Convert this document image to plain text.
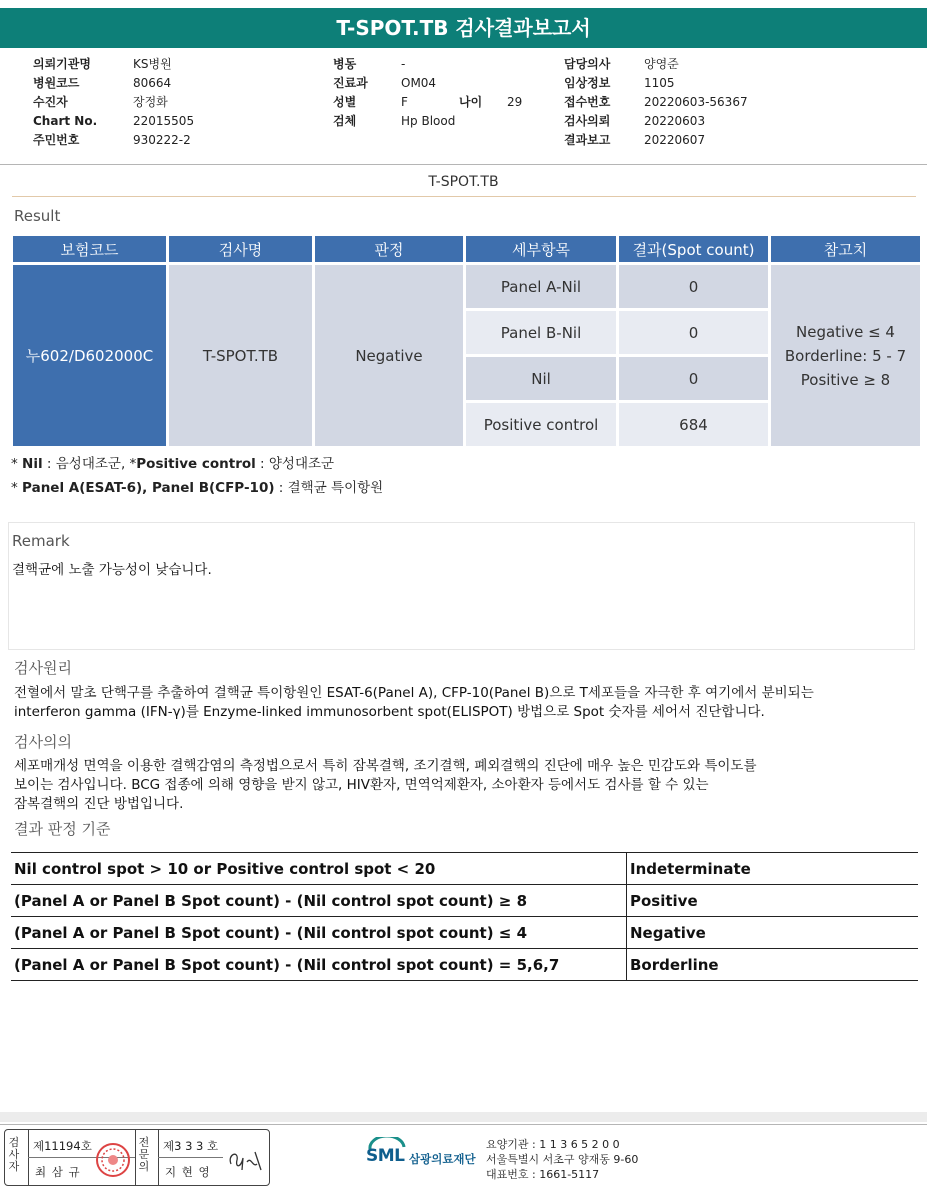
T-SPOT.TB 검사결과보고서
의뢰기관명	KS병원
병원코드	80664
수진자	장정화
Chart No.	22015505
주민번호	930222-2
병동	-
진료과	OM04
성별	F	나이 29
검체	Hp Blood
담당의사	양영준
임상정보	1105
접수번호	20220603-56367
검사의뢰	20220603
결과보고	20220607
T-SPOT.TB
Result
보험코드	검사명	판정	세부항목	결과(Spot count)	참고치
누602/D602000C	T-SPOT.TB	Negative	Panel A-Nil	0	Negative ≤ 4
Borderline: 5 - 7
Positive ≥ 8

			Panel B-Nil	0	
			Nil	0	
			Positive control	684	
* Nil : 음성대조군, *Positive control : 양성대조군
* Panel A(ESAT-6), Panel B(CFP-10) : 결핵균 특이항원
Remark
결핵균에 노출 가능성이 낮습니다.
검사원리
전혈에서 말초 단핵구를 추출하여 결핵균 특이항원인 ESAT-6(Panel A), CFP-10(Panel B)으로 T세포들을 자극한 후 여기에서 분비되는
interferon gamma (IFN-γ)를 Enzyme-linked immunosorbent spot(ELISPOT) 방법으로 Spot 숫자를 세어서 진단합니다.
검사의의
세포매개성 면역을 이용한 결핵감염의 측정법으로서 특히 잠복결핵, 조기결핵, 폐외결핵의 진단에 매우 높은 민감도와 특이도를
보이는 검사입니다. BCG 접종에 의해 영향을 받지 않고, HIV환자, 면역억제환자, 소아환자 등에서도 검사를 할 수 있는
잠복결핵의 진단 방법입니다.
결과 판정 기준
Nil control spot > 10 or Positive control spot < 20	Indeterminate
(Panel A or Panel B Spot count) - (Nil control spot count) ≥ 8	Positive
(Panel A or Panel B Spot count) - (Nil control spot count) ≤ 4	Negative
(Panel A or Panel B Spot count) - (Nil control spot count) = 5,6,7	Borderline
검사자
제11194호
최 삼 규
전문의
제3 3 3 호
지 현 영
SML 삼광의료재단
요양기관 : 1 1 3 6 5 2 0 0
서울특별시 서초구 양재동 9-60
대표번호 : 1661-5117
